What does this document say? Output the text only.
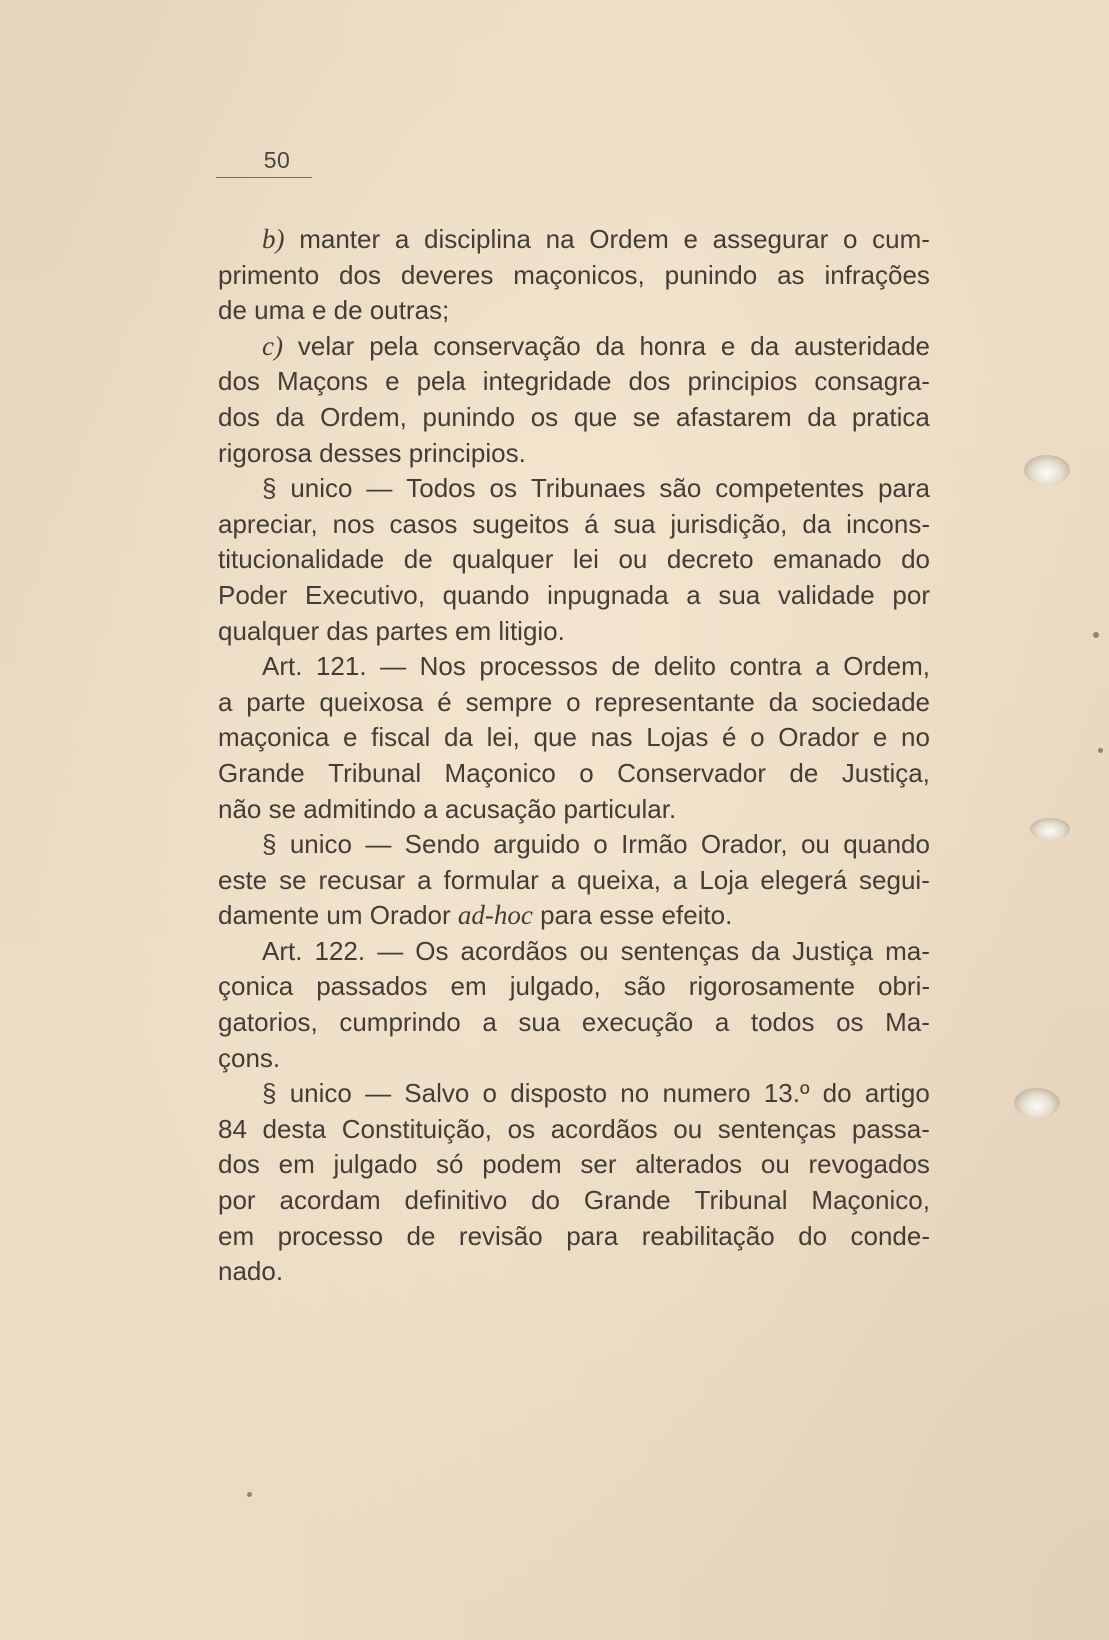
50
b) manter a disciplina na Ordem e assegurar o cum-
primento dos deveres maçonicos, punindo as infrações
de uma e de outras;
c) velar pela conservação da honra e da austeridade
dos Maçons e pela integridade dos principios consagra-
dos da Ordem, punindo os que se afastarem da pratica
rigorosa desses principios.
§ unico — Todos os Tribunaes são competentes para
apreciar, nos casos sugeitos á sua jurisdição, da incons-
titucionalidade de qualquer lei ou decreto emanado do
Poder Executivo, quando inpugnada a sua validade por
qualquer das partes em litigio.
Art. 121. — Nos processos de delito contra a Ordem,
a parte queixosa é sempre o representante da sociedade
maçonica e fiscal da lei, que nas Lojas é o Orador e no
Grande Tribunal Maçonico o Conservador de Justiça,
não se admitindo a acusação particular.
§ unico — Sendo arguido o Irmão Orador, ou quando
este se recusar a formular a queixa, a Loja elegerá segui-
damente um Orador ad-hoc para esse efeito.
Art. 122. — Os acordãos ou sentenças da Justiça ma-
çonica passados em julgado, são rigorosamente obri-
gatorios, cumprindo a sua execução a todos os Ma-
çons.
§ unico — Salvo o disposto no numero 13.º do artigo
84 desta Constituição, os acordãos ou sentenças passa-
dos em julgado só podem ser alterados ou revogados
por acordam definitivo do Grande Tribunal Maçonico,
em processo de revisão para reabilitação do conde-
nado.
